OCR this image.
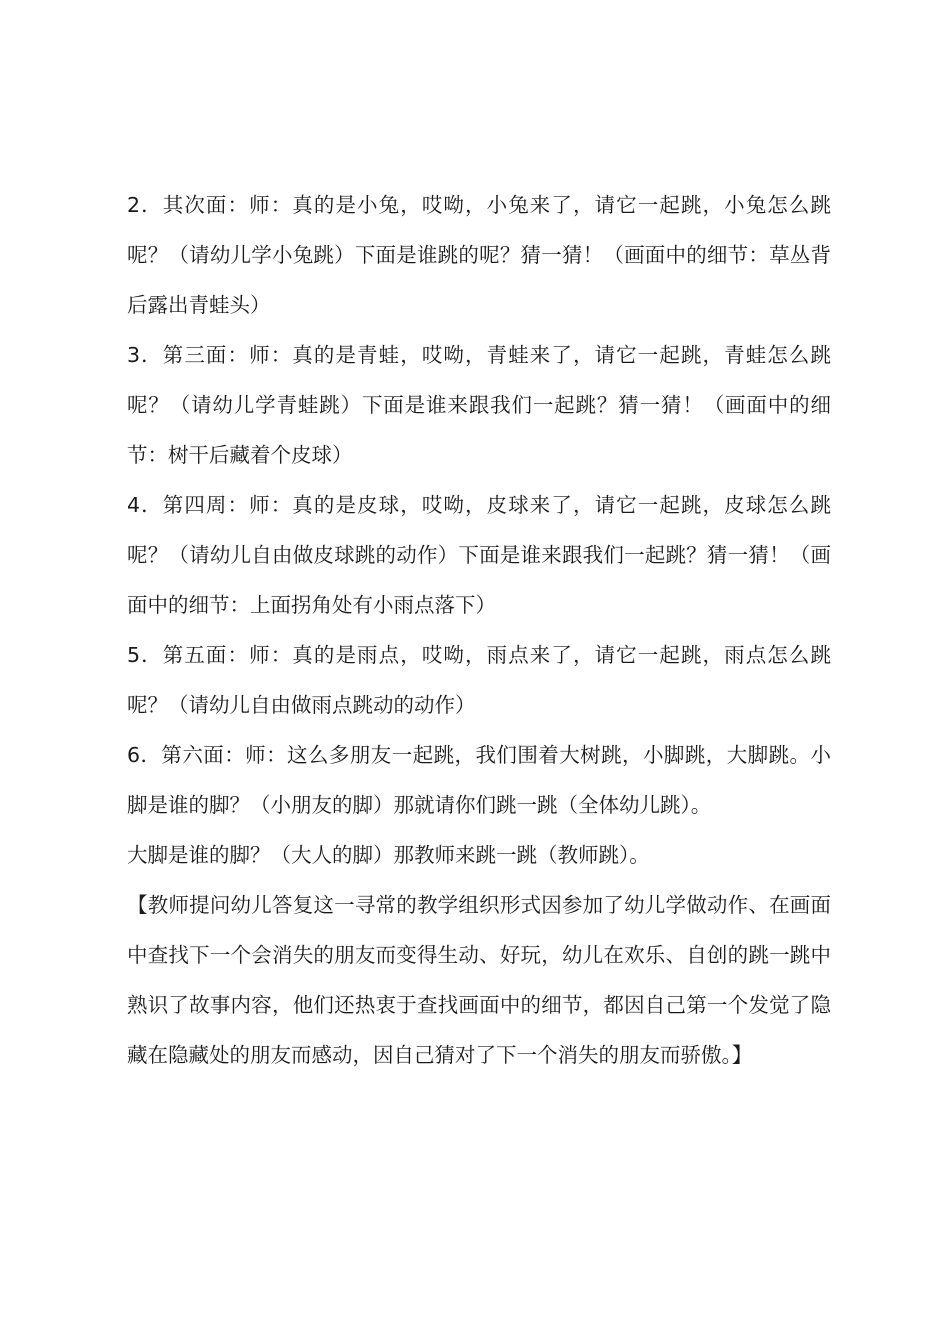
2．其次面：师：真的是小兔，哎呦，小兔来了，请它一起跳，小兔怎么跳呢？（请幼儿学小兔跳）下面是谁跳的呢？猜一猜！（画面中的细节：草丛背后露出青蛙头）

3．第三面：师：真的是青蛙，哎呦，青蛙来了，请它一起跳，青蛙怎么跳呢？（请幼儿学青蛙跳）下面是谁来跟我们一起跳？猜一猜！（画面中的细节：树干后藏着个皮球）

4．第四周：师：真的是皮球，哎呦，皮球来了，请它一起跳，皮球怎么跳呢？（请幼儿自由做皮球跳的动作）下面是谁来跟我们一起跳？猜一猜！（画面中的细节：上面拐角处有小雨点落下）

5．第五面：师：真的是雨点，哎呦，雨点来了，请它一起跳，雨点怎么跳呢？（请幼儿自由做雨点跳动的动作）

6．第六面：师：这么多朋友一起跳，我们围着大树跳，小脚跳，大脚跳。小脚是谁的脚？（小朋友的脚）那就请你们跳一跳（全体幼儿跳）。

大脚是谁的脚？（大人的脚）那教师来跳一跳（教师跳）。

【教师提问幼儿答复这一寻常的教学组织形式因参加了幼儿学做动作、在画面中查找下一个会消失的朋友而变得生动、好玩，幼儿在欢乐、自创的跳一跳中熟识了故事内容，他们还热衷于查找画面中的细节，都因自己第一个发觉了隐藏在隐藏处的朋友而感动，因自己猜对了下一个消失的朋友而骄傲。】
